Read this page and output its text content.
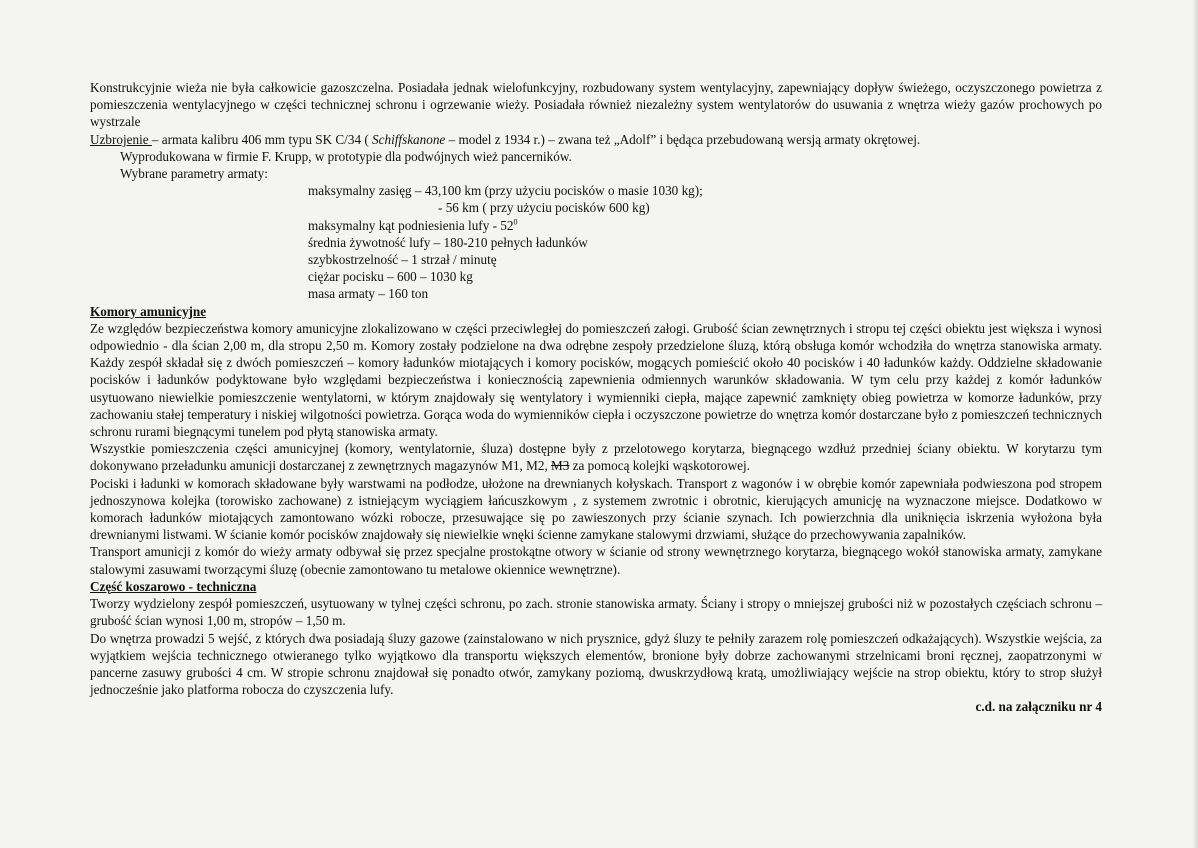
Konstrukcyjnie wieża nie była całkowicie gazoszczelna. Posiadała jednak wielofunkcyjny, rozbudowany system wentylacyjny, zapewniający dopływ świeżego, oczyszczonego powietrza z pomieszczenia wentylacyjnego w części technicznej schronu i ogrzewanie wieży. Posiadała również niezależny system wentylatorów do usuwania z wnętrza wieży gazów prochowych po wystrzale

Uzbrojenie – armata kalibru 406 mm typu SK C/34 ( Schiffskanone – model z 1934 r.) – zwana też „Adolf” i będąca przebudowaną wersją armaty okrętowej.

Wyprodukowana w firmie F. Krupp, w prototypie dla podwójnych wież pancerników.

Wybrane parametry armaty:

maksymalny zasięg – 43,100 km (przy użyciu pocisków o masie 1030 kg);

- 56 km ( przy użyciu pocisków 600 kg)

maksymalny kąt podniesienia lufy - $52^0$

średnia żywotność lufy – 180-210 pełnych ładunków

szybkostrzelność – 1 strzał / minutę

ciężar pocisku – 600 – 1030 kg

masa armaty – 160 ton

Komory amunicyjne

Ze względów bezpieczeństwa komory amunicyjne zlokalizowano w części przeciwległej do pomieszczeń załogi. Grubość ścian zewnętrznych i stropu tej części obiektu jest większa i wynosi odpowiednio - dla ścian 2,00 m, dla stropu 2,50 m. Komory zostały podzielone na dwa odrębne zespoły przedzielone śluzą, którą obsługa komór wchodziła do wnętrza stanowiska armaty. Każdy zespół składał się z dwóch pomieszczeń – komory ładunków miotających i komory pocisków, mogących pomieścić około 40 pocisków i 40 ładunków każdy. Oddzielne składowanie pocisków i ładunków podyktowane było względami bezpieczeństwa i koniecznością zapewnienia odmiennych warunków składowania. W tym celu przy każdej z komór ładunków usytuowano niewielkie pomieszczenie wentylatorni, w którym znajdowały się wentylatory i wymienniki ciepła, mające zapewnić zamknięty obieg powietrza w komorze ładunków, przy zachowaniu stałej temperatury i niskiej wilgotności powietrza. Gorąca woda do wymienników ciepła i oczyszczone powietrze do wnętrza komór dostarczane było z pomieszczeń technicznych schronu rurami biegnącymi tunelem pod płytą stanowiska armaty.

Wszystkie pomieszczenia części amunicyjnej (komory, wentylatornie, śluza) dostępne były z przelotowego korytarza, biegnącego wzdłuż przedniej ściany obiektu. W korytarzu tym dokonywano przeładunku amunicji dostarczanej z zewnętrznych magazynów M1, M2, M3 za pomocą kolejki wąskotorowej.

Pociski i ładunki w komorach składowane były warstwami na podłodze, ułożone na drewnianych kołyskach. Transport z wagonów i w obrębie komór zapewniała podwieszona pod stropem jednoszynowa kolejka (torowisko zachowane) z istniejącym wyciągiem łańcuszkowym , z systemem zwrotnic i obrotnic, kierujących amunicję na wyznaczone miejsce. Dodatkowo w komorach ładunków miotających zamontowano wózki robocze, przesuwające się po zawieszonych przy ścianie szynach. Ich powierzchnia dla uniknięcia iskrzenia wyłożona była drewnianymi listwami. W ścianie komór pocisków znajdowały się niewielkie wnęki ścienne zamykane stalowymi drzwiami, służące do przechowywania zapalników.

Transport amunicji z komór do wieży armaty odbywał się przez specjalne prostokątne otwory w ścianie od strony wewnętrznego korytarza, biegnącego wokół stanowiska armaty, zamykane stalowymi zasuwami tworzącymi śluzę (obecnie zamontowano tu metalowe okiennice wewnętrzne).

Część koszarowo - techniczna

Tworzy wydzielony zespół pomieszczeń, usytuowany w tylnej części schronu, po zach. stronie stanowiska armaty. Ściany i stropy o mniejszej grubości niż w pozostałych częściach schronu – grubość ścian wynosi 1,00 m, stropów – 1,50 m.

Do wnętrza prowadzi 5 wejść, z których dwa posiadają śluzy gazowe (zainstalowano w nich prysznice, gdyż śluzy te pełniły zarazem rolę pomieszczeń odkażających). Wszystkie wejścia, za wyjątkiem wejścia technicznego otwieranego tylko wyjątkowo dla transportu większych elementów, bronione były dobrze zachowanymi strzelnicami broni ręcznej, zaopatrzonymi w pancerne zasuwy grubości 4 cm. W stropie schronu znajdował się ponadto otwór, zamykany poziomą, dwuskrzydłową kratą, umożliwiający wejście na strop obiektu, który to strop służył jednocześnie jako platforma robocza do czyszczenia lufy.

c.d. na załączniku nr 4
